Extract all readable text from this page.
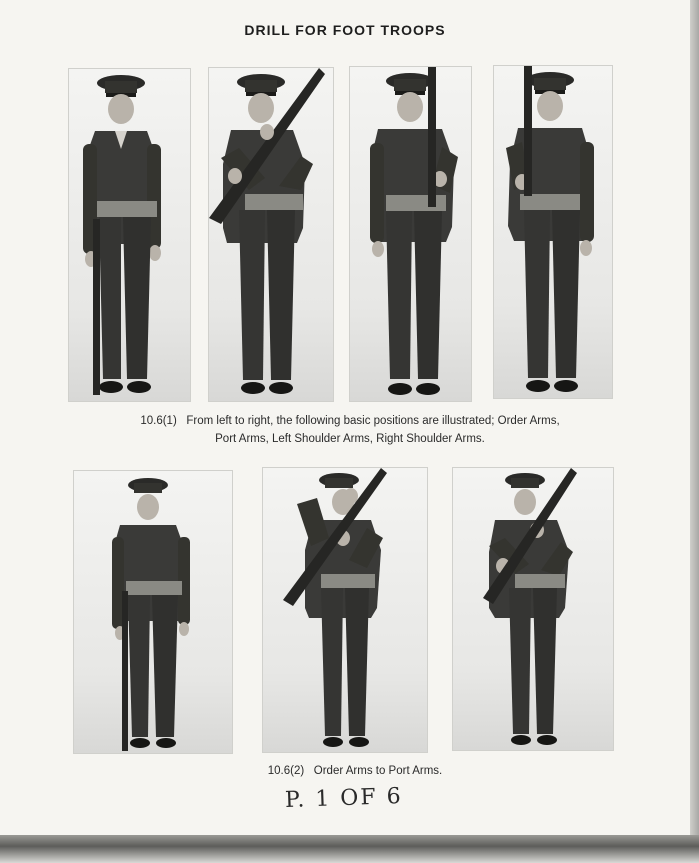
DRILL FOR FOOT TROOPS
10.6(1) From left to right, the following basic positions are illustrated; Order Arms,
Port Arms, Left Shoulder Arms, Right Shoulder Arms.
10.6(2) Order Arms to Port Arms.
P. 1 OF 6
